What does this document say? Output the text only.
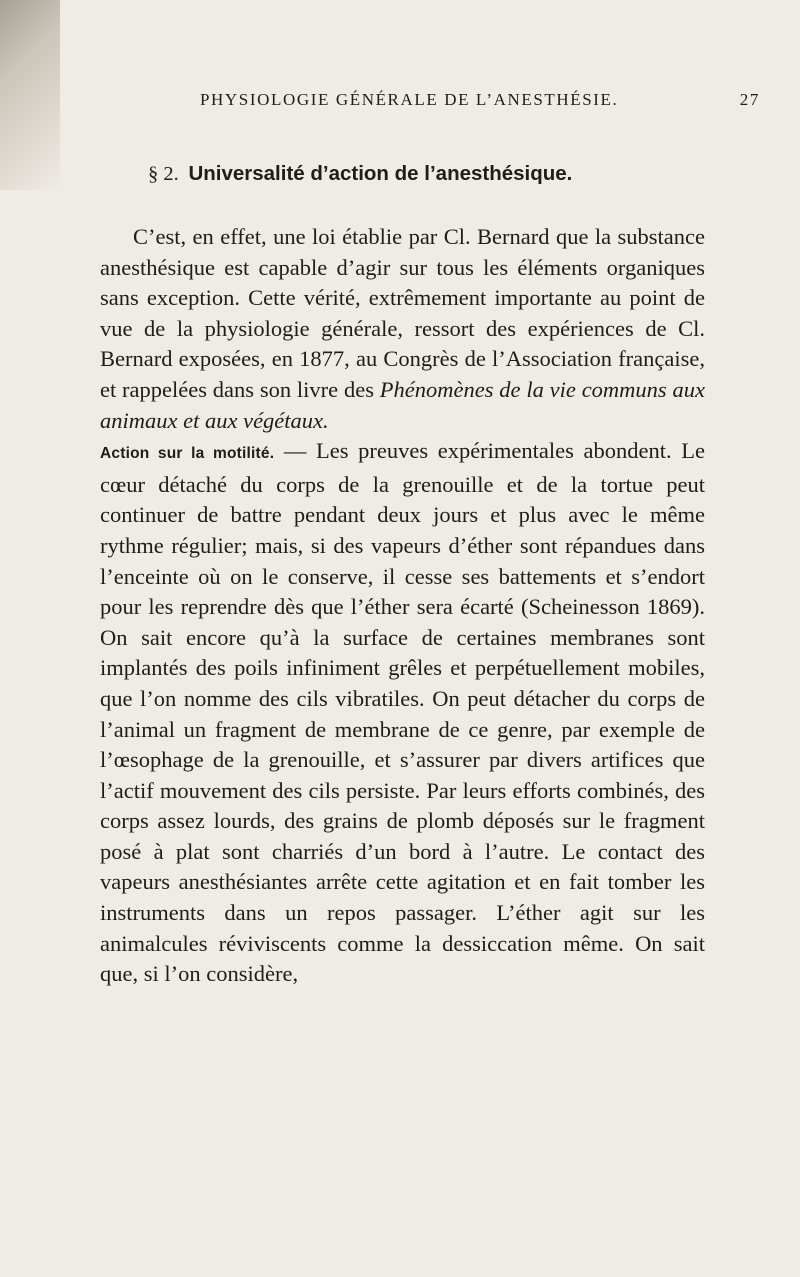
PHYSIOLOGIE GÉNÉRALE DE L’ANESTHÉSIE.	27
§ 2. Universalité d’action de l’anesthésique.

C’est, en effet, une loi établie par Cl. Bernard que la substance anesthésique est capable d’agir sur tous les éléments organiques sans exception. Cette vérité, extrêmement importante au point de vue de la physiologie générale, ressort des expériences de Cl. Bernard exposées, en 1877, au Congrès de l’Association française, et rappelées dans son livre des Phénomènes de la vie communs aux animaux et aux végétaux.

Action sur la motilité. — Les preuves expérimentales abondent. Le cœur détaché du corps de la grenouille et de la tortue peut continuer de battre pendant deux jours et plus avec le même rythme régulier; mais, si des vapeurs d’éther sont répandues dans l’enceinte où on le conserve, il cesse ses battements et s’endort pour les reprendre dès que l’éther sera écarté (Scheinesson 1869). On sait encore qu’à la surface de certaines membranes sont implantés des poils infiniment grêles et perpétuellement mobiles, que l’on nomme des cils vibratiles. On peut détacher du corps de l’animal un fragment de membrane de ce genre, par exemple de l’œsophage de la grenouille, et s’assurer par divers artifices que l’actif mouvement des cils persiste. Par leurs efforts combinés, des corps assez lourds, des grains de plomb déposés sur le fragment posé à plat sont charriés d’un bord à l’autre. Le contact des vapeurs anesthésiantes arrête cette agitation et en fait tomber les instruments dans un repos passager. L’éther agit sur les animalcules réviviscents comme la dessiccation même. On sait que, si l’on considère,
